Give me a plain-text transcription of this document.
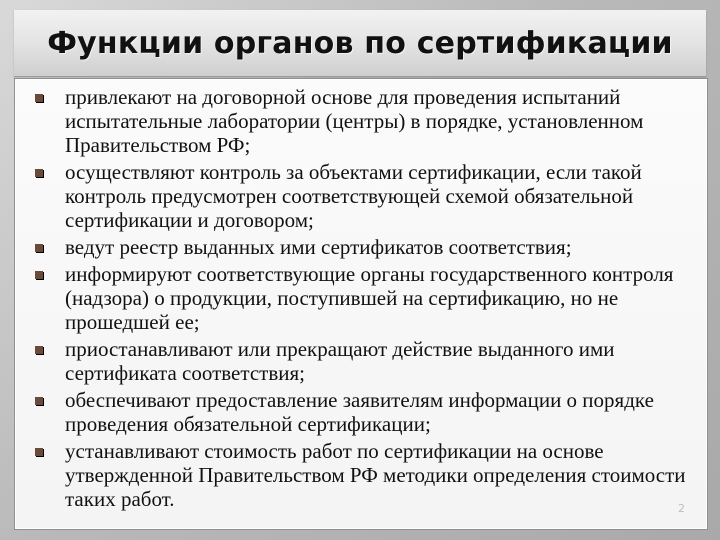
Функции органов по сертификации
привлекают на договорной основе для проведения испытаний испытательные лаборатории (центры) в порядке, установленном Правительством РФ;
осуществляют контроль за объектами сертификации, если такой контроль предусмотрен соответствующей схемой обязательной сертификации и договором;
ведут реестр выданных ими сертификатов соответствия;
информируют соответствующие органы государственного контроля (надзора) о продукции, поступившей на сертификацию, но не прошедшей ее;
приостанавливают или прекращают действие выданного ими сертификата соответствия;
обеспечивают предоставление заявителям информации о порядке проведения обязательной сертификации;
устанавливают стоимость работ по сертификации на основе утвержденной Правительством РФ методики определения стоимости таких работ.	2
